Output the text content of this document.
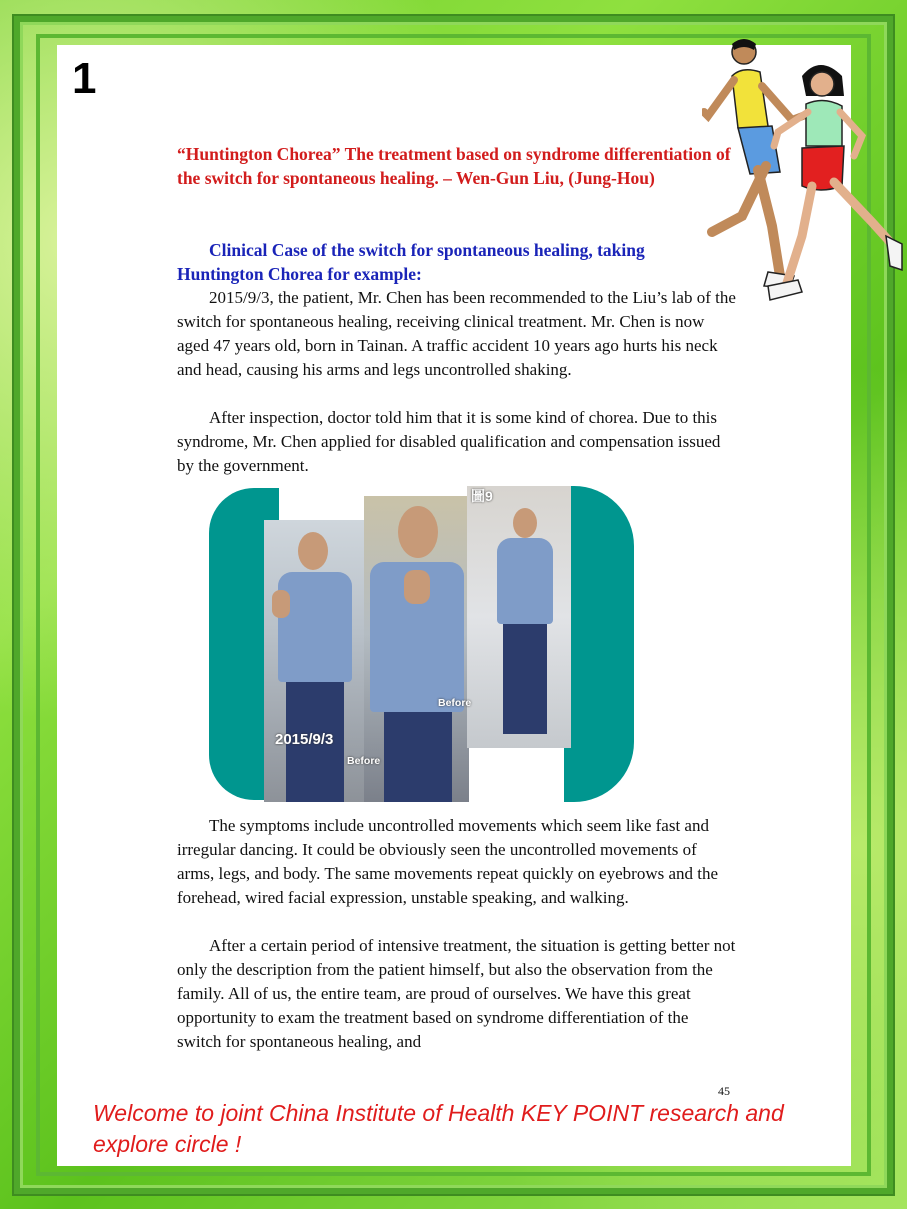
1
“Huntington Chorea” The treatment based on syndrome differentiation of the switch for spontaneous healing. – Wen-Gun Liu, (Jung-Hou)
Clinical Case of the switch for spontaneous healing, taking Huntington Chorea for example:
2015/9/3, the patient, Mr. Chen has been recommended to the Liu’s lab of the switch for spontaneous healing, receiving clinical treatment. Mr. Chen is now aged 47 years old, born in Tainan. A traffic accident 10 years ago hurts his neck and head, causing his arms and legs uncontrolled shaking.
After inspection, doctor told him that it is some kind of chorea. Due to this syndrome, Mr. Chen applied for disabled qualification and compensation issued by the government.
圖9
2015/9/3
Before
Before
The symptoms include uncontrolled movements which seem like fast and irregular dancing. It could be obviously seen the uncontrolled movements of arms, legs, and body. The same movements repeat quickly on eyebrows and the forehead, wired facial expression, unstable speaking, and walking.
After a certain period of intensive treatment, the situation is getting better not only the description from the patient himself, but also the observation from the family. All of us, the entire team, are proud of ourselves. We have this great opportunity to exam the treatment based on syndrome differentiation of the switch for spontaneous healing, and
45
Welcome to joint China Institute of Health KEY POINT research and explore circle !
